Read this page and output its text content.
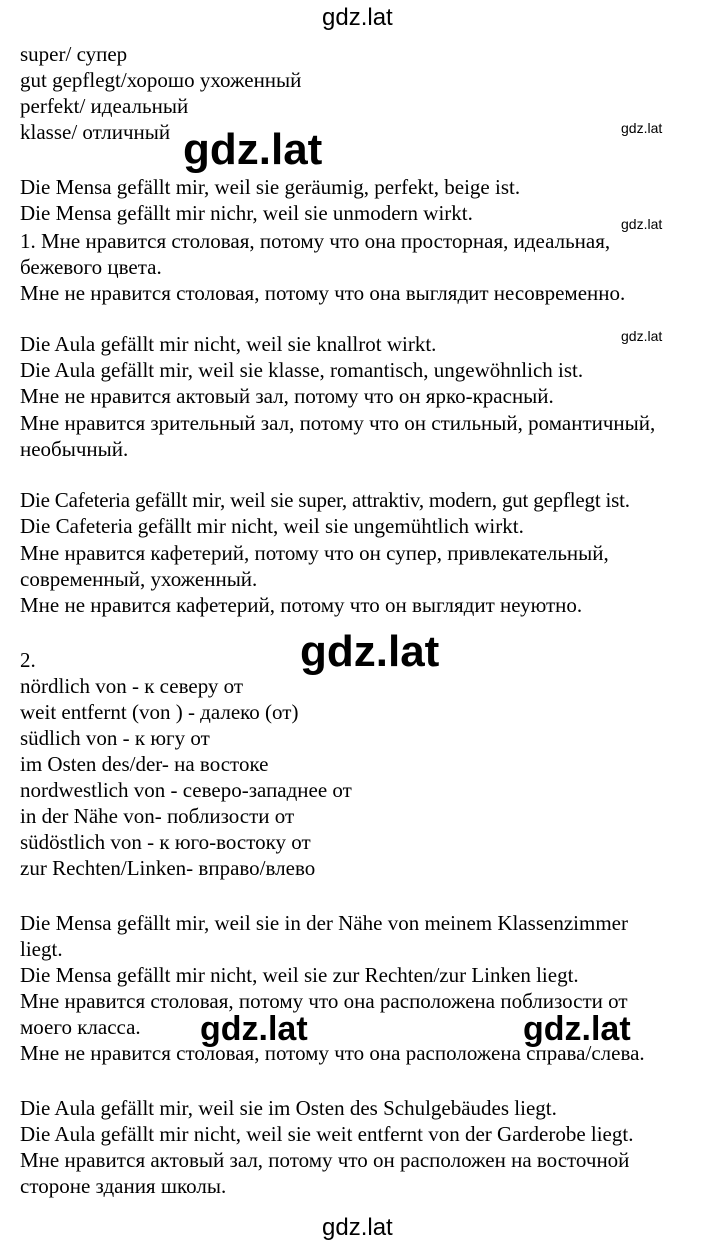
gdz.lat
super/ супер
gut gepflegt/хорошо ухоженный
perfekt/ идеальный
klasse/ отличный	gdz.lat
gdz.lat
Die Mensa gefällt mir, weil sie geräumig, perfekt, beige ist.
Die Mensa gefällt mir nichr, weil sie unmodern wirkt.	gdz.lat
1. Мне нравится столовая, потому что она просторная, идеальная,
бежевого цвета.
Мне не нравится столовая, потому что она выглядит несовременно.
gdz.lat
Die Aula gefällt mir nicht, weil sie knallrot wirkt.
Die Aula gefällt mir, weil sie klasse, romantisch, ungewöhnlich ist.
Мне не нравится актовый зал, потому что он ярко-красный.
Мне нравится зрительный зал, потому что он стильный, романтичный,
необычный.
Die Cafeteria gefällt mir, weil sie super, attraktiv, modern, gut gepflegt ist.
Die Cafeteria gefällt mir nicht, weil sie ungemühtlich wirkt.
Мне нравится кафетерий, потому что он супер, привлекательный,
современный, ухоженный.
Мне не нравится кафетерий, потому что он выглядит неуютно.
2.	gdz.lat
nördlich von - к северу от
weit entfernt (von ) - далеко (от)
südlich von - к югу от
im Osten des/der- на востоке
nordwestlich von - северо-западнее от
in der Nähe von- поблизости от
südöstlich von - к юго-востоку от
zur Rechten/Linken- вправо/влево
Die Mensa gefällt mir, weil sie in der Nähe von meinem Klassenzimmer
liegt.
Die Mensa gefällt mir nicht, weil sie zur Rechten/zur Linken liegt.
Мне нравится столовая, потому что она расположена поблизости от
моего класса.
Мне не нравится столовая, потому что она расположена справа/слева.
gdz.lat	gdz.lat
Die Aula gefällt mir, weil sie im Osten des Schulgebäudes liegt.
Die Aula gefällt mir nicht, weil sie weit entfernt von der Garderobe liegt.
Мне нравится актовый зал, потому что он расположен на восточной
стороне здания школы.
gdz.lat
